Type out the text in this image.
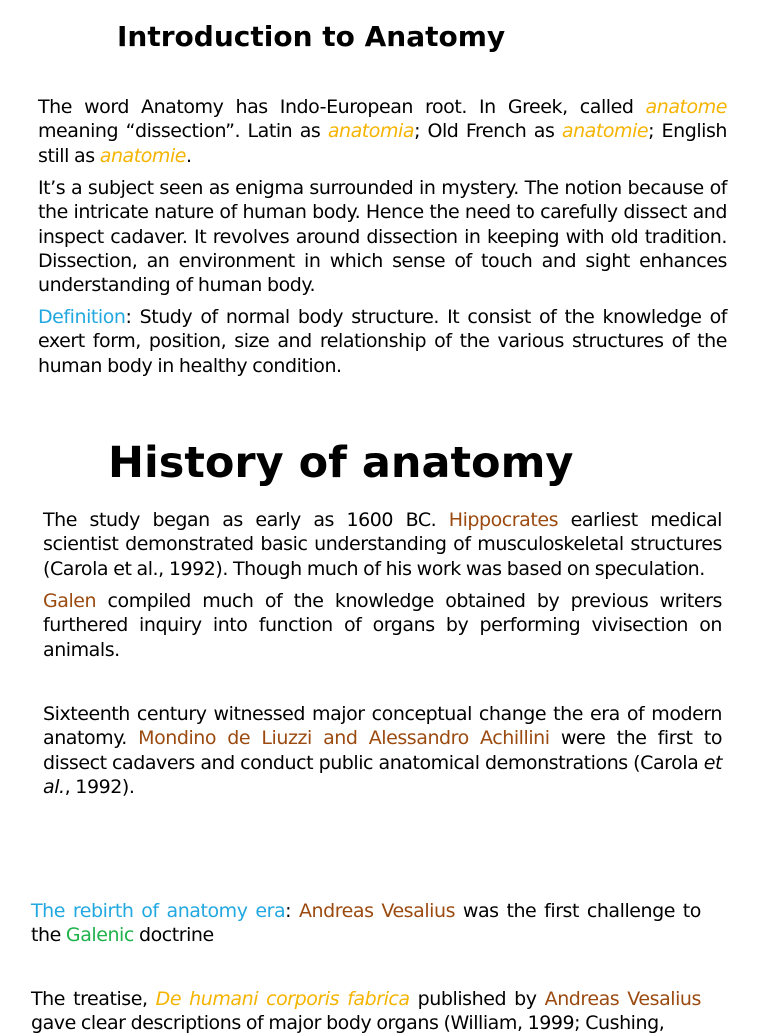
Introduction to Anatomy

The word Anatomy has Indo-European root. In Greek, called anatome meaning “dissection”. Latin as anatomia; Old French as anatomie; English still as anatomie.

It’s a subject seen as enigma surrounded in mystery. The notion because of the intricate nature of human body. Hence the need to carefully dissect and inspect cadaver. It revolves around dissection in keeping with old tradition. Dissection, an environment in which sense of touch and sight enhances understanding of human body.

Definition: Study of normal body structure. It consist of the knowledge of exert form, position, size and relationship of the various structures of the human body in healthy condition.

History of anatomy

The study began as early as 1600 BC. Hippocrates earliest medical scientist demonstrated basic understanding of musculoskeletal structures (Carola et al., 1992). Though much of his work was based on speculation.

Galen compiled much of the knowledge obtained by previous writers furthered inquiry into function of organs by performing vivisection on animals.

Sixteenth century witnessed major conceptual change the era of modern anatomy. Mondino de Liuzzi and Alessandro Achillini were the first to dissect cadavers and conduct public anatomical demonstrations (Carola et al., 1992).

The rebirth of anatomy era: Andreas Vesalius was the first challenge to the Galenic doctrine

The treatise, De humani corporis fabrica published by Andreas Vesalius gave clear descriptions of major body organs (William, 1999; Cushing,
